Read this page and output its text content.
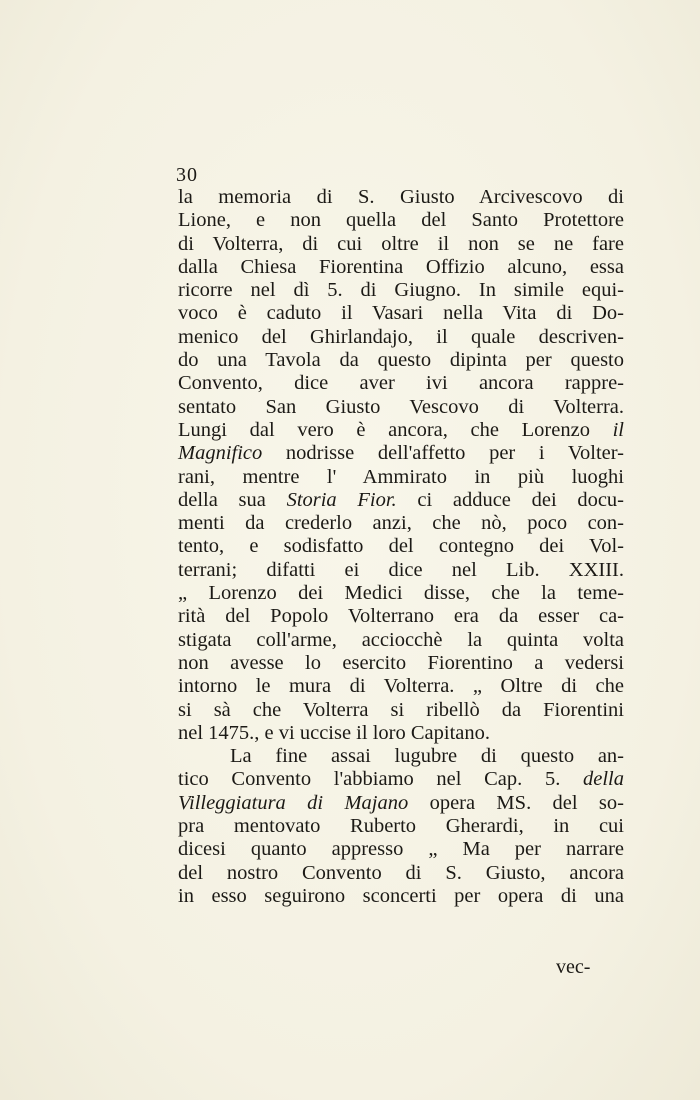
30
la memoria di S. Giusto Arcivescovo di
Lione, e non quella del Santo Protettore
di Volterra, di cui oltre il non se ne fare
dalla Chiesa Fiorentina Offizio alcuno, essa
ricorre nel dì 5. di Giugno. In simile equi-
voco è caduto il Vasari nella Vita di Do-
menico del Ghirlandajo, il quale descriven-
do una Tavola da questo dipinta per questo
Convento, dice aver ivi ancora rappre-
sentato San Giusto Vescovo di Volterra.
Lungi dal vero è ancora, che Lorenzo il
Magnifico nodrisse dell'affetto per i Volter-
rani, mentre l' Ammirato in più luoghi
della sua Storia Fior. ci adduce dei docu-
menti da crederlo anzi, che nò, poco con-
tento, e sodisfatto del contegno dei Vol-
terrani; difatti ei dice nel Lib. XXIII.
„ Lorenzo dei Medici disse, che la teme-
rità del Popolo Volterrano era da esser ca-
stigata coll'arme, acciocchè la quinta volta
non avesse lo esercito Fiorentino a vedersi
intorno le mura di Volterra. „ Oltre di che
si sà che Volterra si ribellò da Fiorentini
nel 1475., e vi uccise il loro Capitano.
La fine assai lugubre di questo an-
tico Convento l'abbiamo nel Cap. 5. della
Villeggiatura di Majano opera MS. del so-
pra mentovato Ruberto Gherardi, in cui
dicesi quanto appresso „ Ma per narrare
del nostro Convento di S. Giusto, ancora
in esso seguirono sconcerti per opera di una
vec-
